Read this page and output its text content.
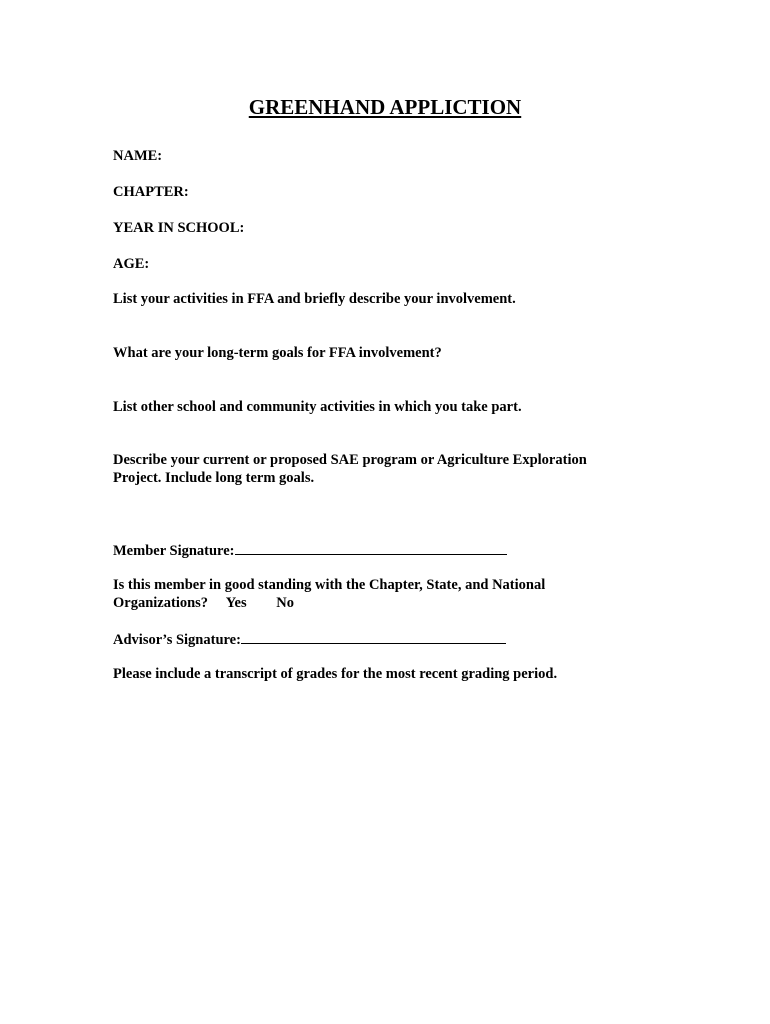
GREENHAND APPLICTION
NAME:
CHAPTER:
YEAR IN SCHOOL:
AGE:
List your activities in FFA and briefly describe your involvement.
What are your long-term goals for FFA involvement?
List other school and community activities in which you take part.
Describe your current or proposed SAE program or Agriculture Exploration
Project. Include long term goals.
Member Signature:
Is this member in good standing with the Chapter, State, and National
Organizations? Yes No
Advisor’s Signature:
Please include a transcript of grades for the most recent grading period.
